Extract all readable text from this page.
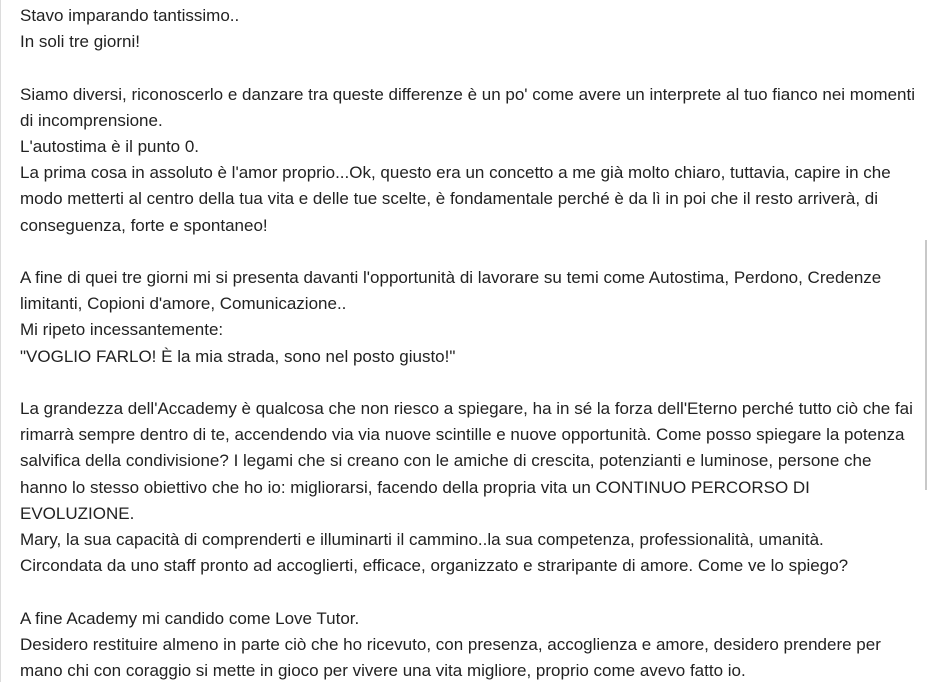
Stavo imparando tantissimo..

In soli tre giorni!

Siamo diversi, riconoscerlo e danzare tra queste differenze è un po' come avere un interprete al tuo fianco nei momenti di incomprensione.

L'autostima è il punto 0.

La prima cosa in assoluto è l'amor proprio...Ok, questo era un concetto a me già molto chiaro, tuttavia, capire in che modo metterti al centro della tua vita e delle tue scelte, è fondamentale perché è da lì in poi che il resto arriverà, di conseguenza, forte e spontaneo!

A fine di quei tre giorni mi si presenta davanti l'opportunità di lavorare su temi come Autostima, Perdono, Credenze limitanti, Copioni d'amore, Comunicazione..

Mi ripeto incessantemente:

"VOGLIO FARLO! È la mia strada, sono nel posto giusto!"

La grandezza dell'Accademy è qualcosa che non riesco a spiegare, ha in sé la forza dell'Eterno perché tutto ciò che fai rimarrà sempre dentro di te, accendendo via via nuove scintille e nuove opportunità. Come posso spiegare la potenza salvifica della condivisione? I legami che si creano con le amiche di crescita, potenzianti e luminose, persone che hanno lo stesso obiettivo che ho io: migliorarsi, facendo della propria vita un CONTINUO PERCORSO DI EVOLUZIONE.

Mary, la sua capacità di comprenderti e illuminarti il cammino..la sua competenza, professionalità, umanità.

Circondata da uno staff pronto ad accoglierti, efficace, organizzato e straripante di amore. Come ve lo spiego?

A fine Academy mi candido come Love Tutor.

Desidero restituire almeno in parte ciò che ho ricevuto, con presenza, accoglienza e amore, desidero prendere per mano chi con coraggio si mette in gioco per vivere una vita migliore, proprio come avevo fatto io.
